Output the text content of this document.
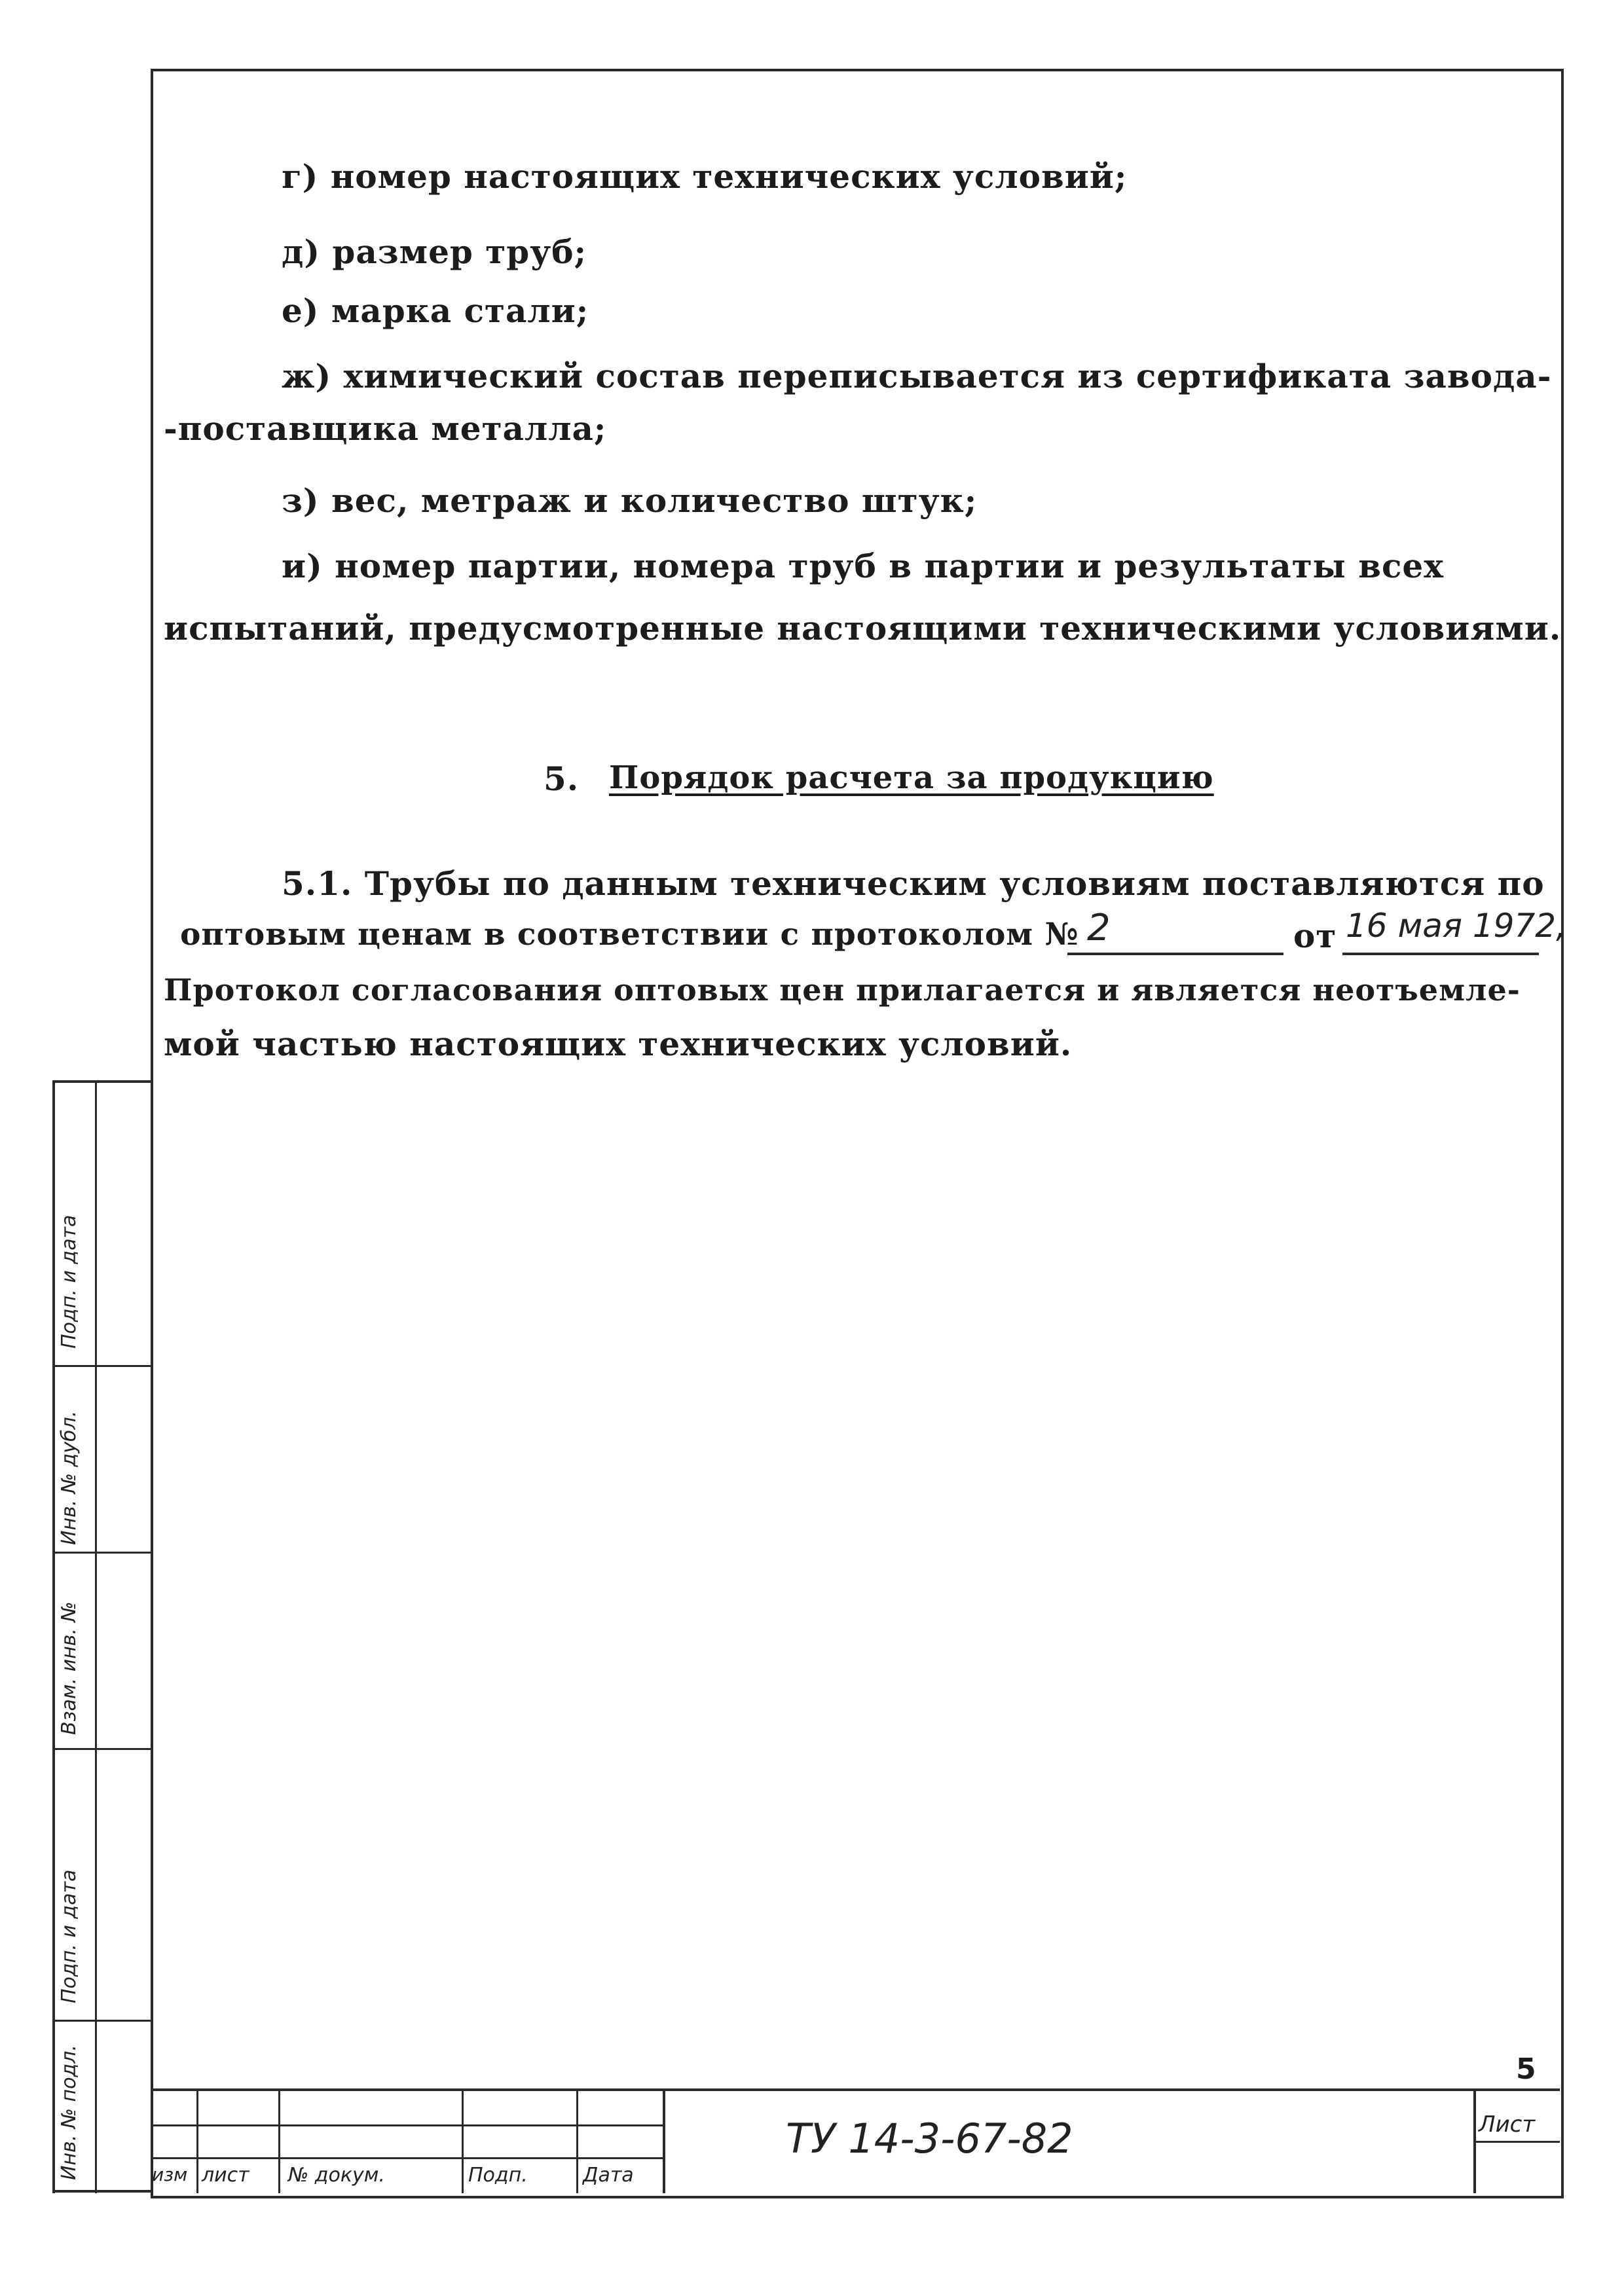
г) номер настоящих технических условий;
д) размер труб;
е) марка стали;
ж) химический состав переписывается из сертификата завода-
-поставщика металла;
з) вес, метраж и количество штук;
и) номер партии, номера труб в партии и результаты всех
испытаний, предусмотренные настоящими техническими условиями.
5. Порядок расчета за продукцию
5.1. Трубы по данным техническим условиям поставляются по
оптовым ценам в соответствии с протоколом № 2	от 16 мая 1972,
Протокол согласования оптовых цен прилагается и является неотъемле-
мой частью настоящих технических условий.
Инв. № подл.
Подп. и дата
Взам. инв. №
Инв. № дубл.
Подп. и дата
изм лист № докум.	Подп.	Дата
ТУ 14-3-67-82	Лист
5
